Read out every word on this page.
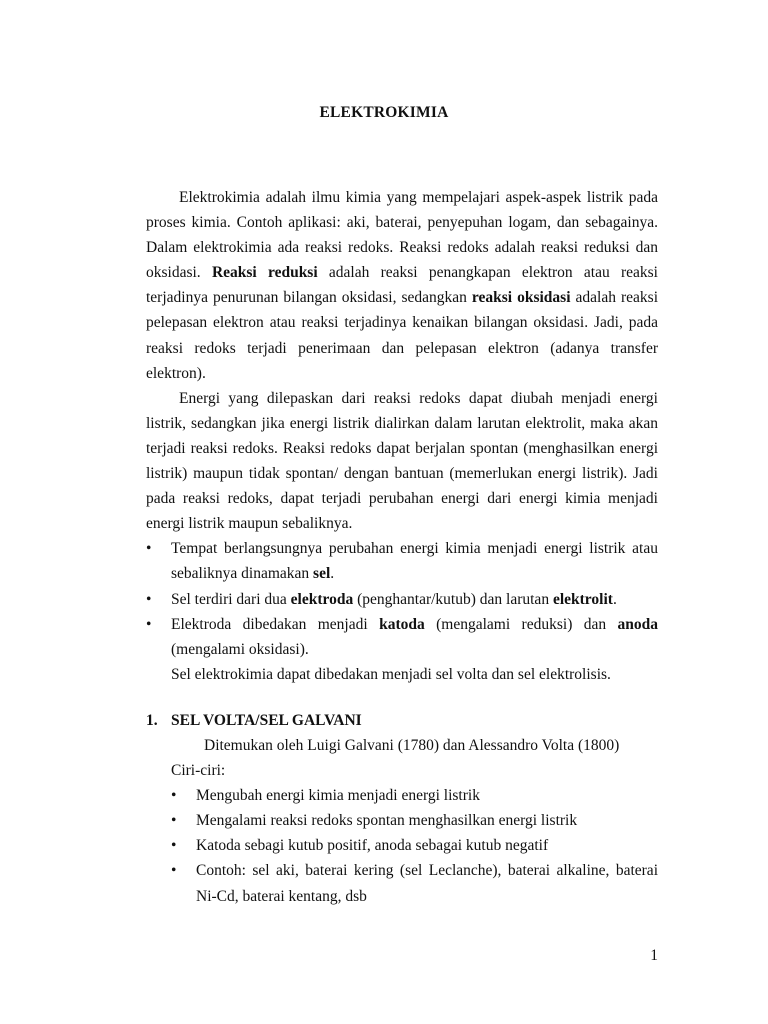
ELEKTROKIMIA
Elektrokimia adalah ilmu kimia yang mempelajari aspek-aspek listrik pada proses kimia. Contoh aplikasi: aki, baterai, penyepuhan logam, dan sebagainya. Dalam elektrokimia ada reaksi redoks. Reaksi redoks adalah reaksi reduksi dan oksidasi. Reaksi reduksi adalah reaksi penangkapan elektron atau reaksi terjadinya penurunan bilangan oksidasi, sedangkan reaksi oksidasi adalah reaksi pelepasan elektron atau reaksi terjadinya kenaikan bilangan oksidasi. Jadi, pada reaksi redoks terjadi penerimaan dan pelepasan elektron (adanya transfer elektron).
Energi yang dilepaskan dari reaksi redoks dapat diubah menjadi energi listrik, sedangkan jika energi listrik dialirkan dalam larutan elektrolit, maka akan terjadi reaksi redoks. Reaksi redoks dapat berjalan spontan (menghasilkan energi listrik) maupun tidak spontan/ dengan bantuan (memerlukan energi listrik). Jadi pada reaksi redoks, dapat terjadi perubahan energi dari energi kimia menjadi energi listrik maupun sebaliknya.
• Tempat berlangsungnya perubahan energi kimia menjadi energi listrik atau sebaliknya dinamakan sel.
• Sel terdiri dari dua elektroda (penghantar/kutub) dan larutan elektrolit.
• Elektroda dibedakan menjadi katoda (mengalami reduksi) dan anoda (mengalami oksidasi).
Sel elektrokimia dapat dibedakan menjadi sel volta dan sel elektrolisis.
1. SEL VOLTA/SEL GALVANI
Ditemukan oleh Luigi Galvani (1780) dan Alessandro Volta (1800)
Ciri-ciri:
• Mengubah energi kimia menjadi energi listrik
• Mengalami reaksi redoks spontan menghasilkan energi listrik
• Katoda sebagi kutub positif, anoda sebagai kutub negatif
• Contoh: sel aki, baterai kering (sel Leclanche), baterai alkaline, baterai Ni-Cd, baterai kentang, dsb
1
